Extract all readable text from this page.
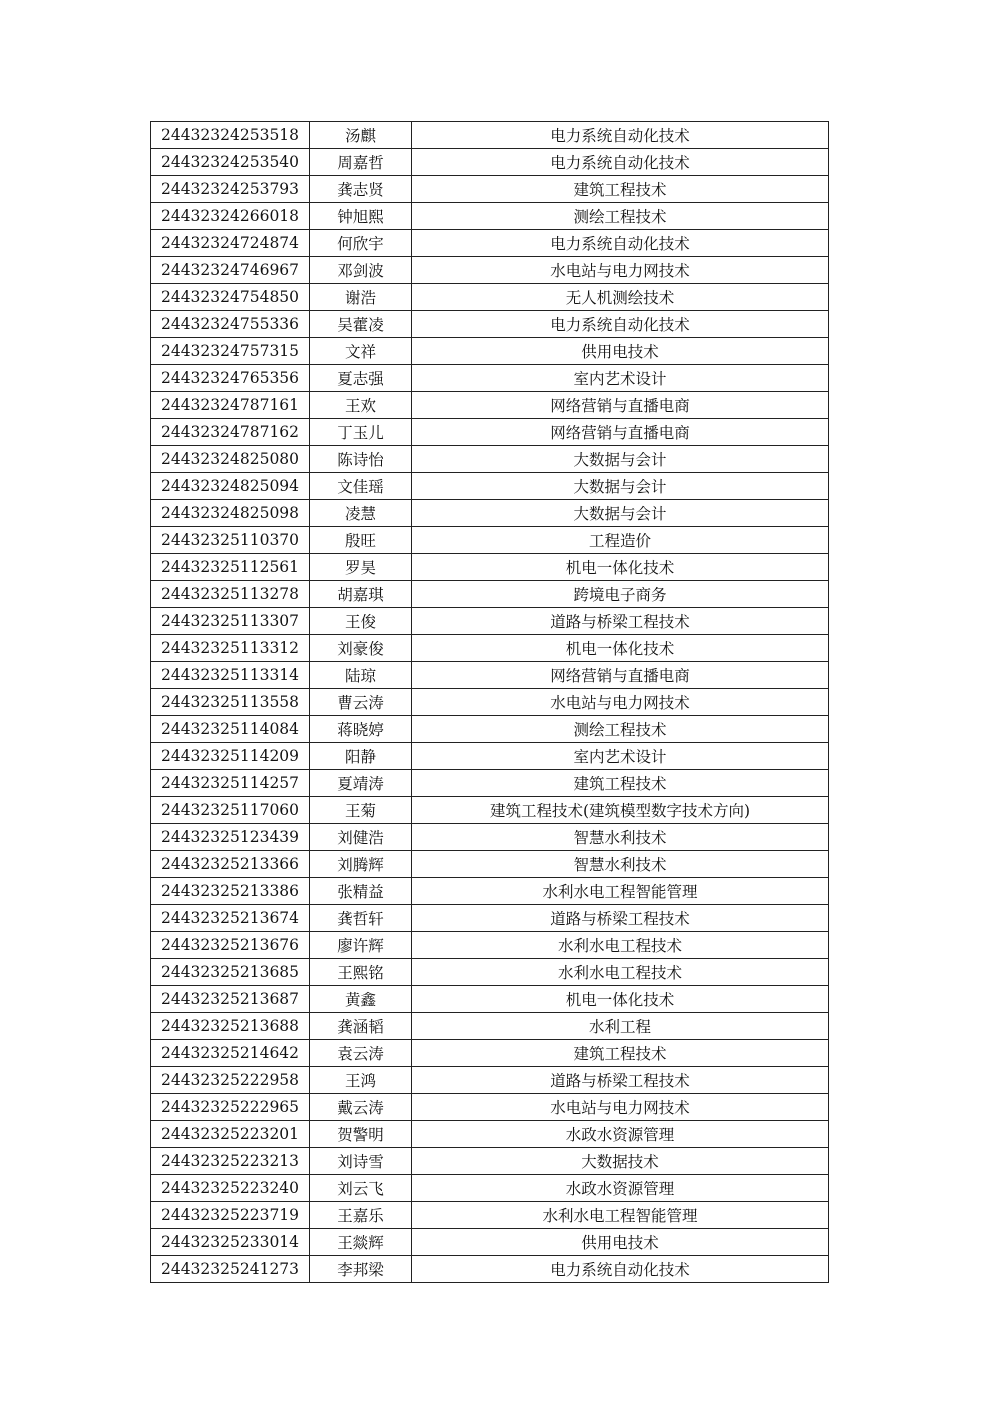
24432324253518	汤麒	电力系统自动化技术
24432324253540	周嘉哲	电力系统自动化技术
24432324253793	龚志贤	建筑工程技术
24432324266018	钟旭熙	测绘工程技术
24432324724874	何欣宇	电力系统自动化技术
24432324746967	邓剑波	水电站与电力网技术
24432324754850	谢浩	无人机测绘技术
24432324755336	吴藿凌	电力系统自动化技术
24432324757315	文祥	供用电技术
24432324765356	夏志强	室内艺术设计
24432324787161	王欢	网络营销与直播电商
24432324787162	丁玉儿	网络营销与直播电商
24432324825080	陈诗怡	大数据与会计
24432324825094	文佳瑶	大数据与会计
24432324825098	凌慧	大数据与会计
24432325110370	殷旺	工程造价
24432325112561	罗昊	机电一体化技术
24432325113278	胡嘉琪	跨境电子商务
24432325113307	王俊	道路与桥梁工程技术
24432325113312	刘豪俊	机电一体化技术
24432325113314	陆琼	网络营销与直播电商
24432325113558	曹云涛	水电站与电力网技术
24432325114084	蒋晓婷	测绘工程技术
24432325114209	阳静	室内艺术设计
24432325114257	夏靖涛	建筑工程技术
24432325117060	王菊	建筑工程技术(建筑模型数字技术方向)
24432325123439	刘健浩	智慧水利技术
24432325213366	刘腾辉	智慧水利技术
24432325213386	张精益	水利水电工程智能管理
24432325213674	龚哲轩	道路与桥梁工程技术
24432325213676	廖许辉	水利水电工程技术
24432325213685	王熙铭	水利水电工程技术
24432325213687	黄鑫	机电一体化技术
24432325213688	龚涵韬	水利工程
24432325214642	袁云涛	建筑工程技术
24432325222958	王鸿	道路与桥梁工程技术
24432325222965	戴云涛	水电站与电力网技术
24432325223201	贺警明	水政水资源管理
24432325223213	刘诗雪	大数据技术
24432325223240	刘云飞	水政水资源管理
24432325223719	王嘉乐	水利水电工程智能管理
24432325233014	王燚辉	供用电技术
24432325241273	李邦梁	电力系统自动化技术
